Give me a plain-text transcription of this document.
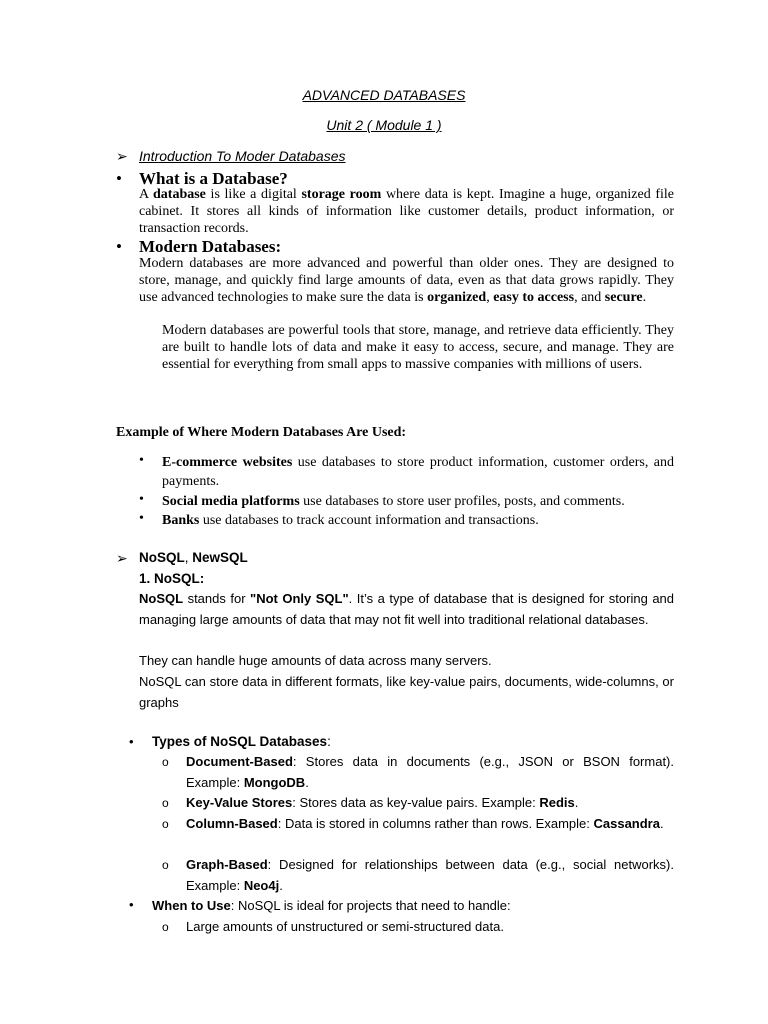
ADVANCED DATABASES
Unit 2 ( Module 1 )
➢ Introduction To Moder Databases
• What is a Database?
A database is like a digital storage room where data is kept. Imagine a huge, organized file cabinet. It stores all kinds of information like customer details, product information, or transaction records.
• Modern Databases:
Modern databases are more advanced and powerful than older ones. They are designed to store, manage, and quickly find large amounts of data, even as that data grows rapidly. They use advanced technologies to make sure the data is organized, easy to access, and secure.
Modern databases are powerful tools that store, manage, and retrieve data efficiently. They are built to handle lots of data and make it easy to access, secure, and manage. They are essential for everything from small apps to massive companies with millions of users.
Example of Where Modern Databases Are Used:
• E-commerce websites use databases to store product information, customer orders, and payments.
• Social media platforms use databases to store user profiles, posts, and comments.
• Banks use databases to track account information and transactions.
➢ NoSQL, NewSQL
1. NoSQL:
NoSQL stands for "Not Only SQL". It’s a type of database that is designed for storing and managing large amounts of data that may not fit well into traditional relational databases.
They can handle huge amounts of data across many servers.
NoSQL can store data in different formats, like key-value pairs, documents, wide-columns, or graphs
• Types of NoSQL Databases:
o Document-Based: Stores data in documents (e.g., JSON or BSON format). Example: MongoDB.
o Key-Value Stores: Stores data as key-value pairs. Example: Redis.
o Column-Based: Data is stored in columns rather than rows. Example: Cassandra.
o Graph-Based: Designed for relationships between data (e.g., social networks). Example: Neo4j.
• When to Use: NoSQL is ideal for projects that need to handle:
o Large amounts of unstructured or semi-structured data.
